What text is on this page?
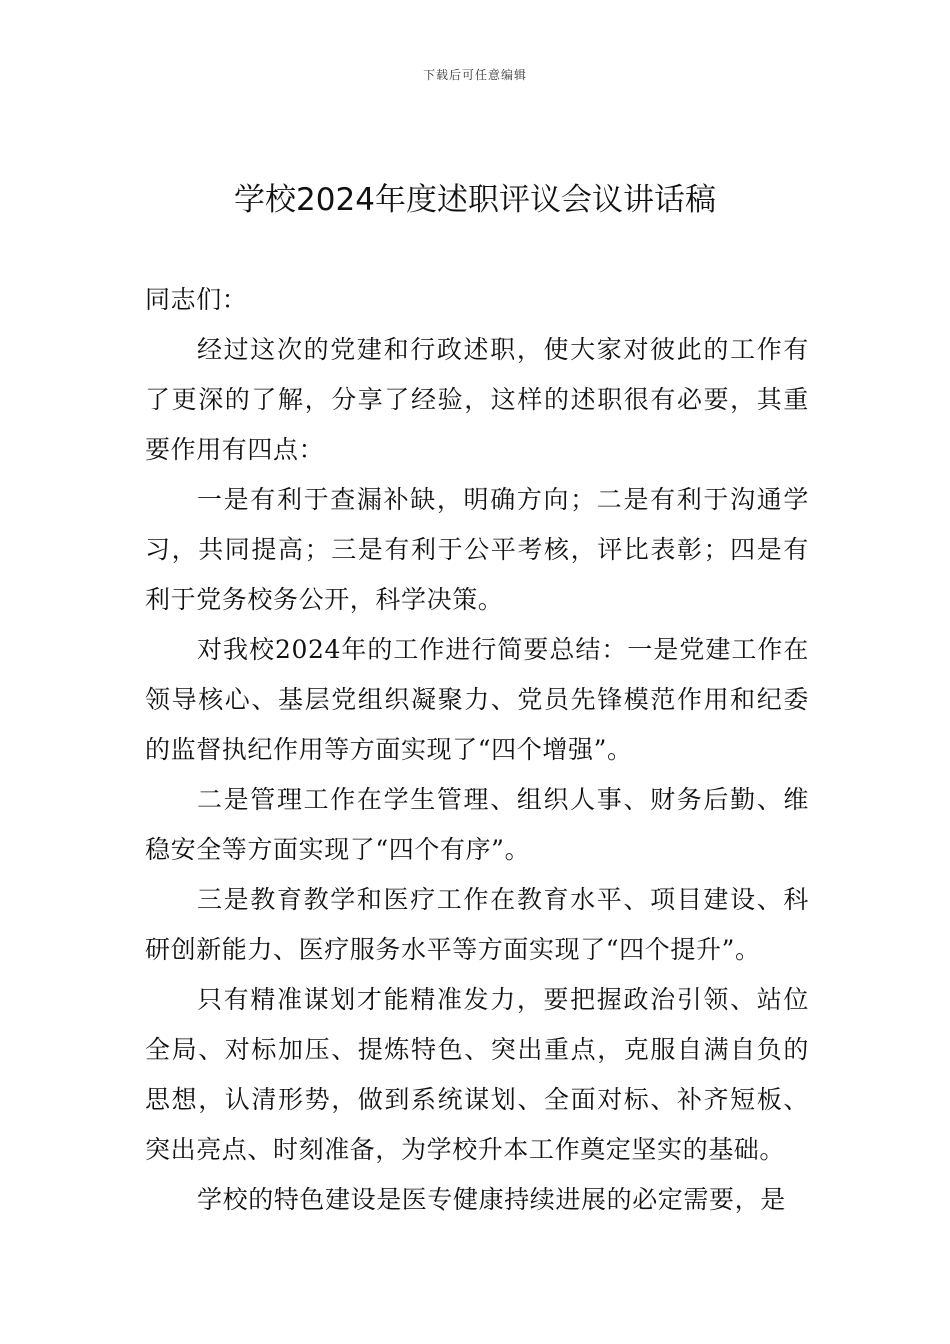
下载后可任意编辑
学校2024年度述职评议会议讲话稿

同志们：

经过这次的党建和行政述职，使大家对彼此的工作有了更深的了解，分享了经验，这样的述职很有必要，其重要作用有四点：

一是有利于查漏补缺，明确方向；二是有利于沟通学习，共同提高；三是有利于公平考核，评比表彰；四是有利于党务校务公开，科学决策。

对我校2024年的工作进行简要总结：一是党建工作在领导核心、基层党组织凝聚力、党员先锋模范作用和纪委的监督执纪作用等方面实现了“四个增强”。

二是管理工作在学生管理、组织人事、财务后勤、维稳安全等方面实现了“四个有序”。

三是教育教学和医疗工作在教育水平、项目建设、科研创新能力、医疗服务水平等方面实现了“四个提升”。

只有精准谋划才能精准发力，要把握政治引领、站位全局、对标加压、提炼特色、突出重点，克服自满自负的思想，认清形势，做到系统谋划、全面对标、补齐短板、突出亮点、时刻准备，为学校升本工作奠定坚实的基础。

学校的特色建设是医专健康持续进展的必定需要，是
